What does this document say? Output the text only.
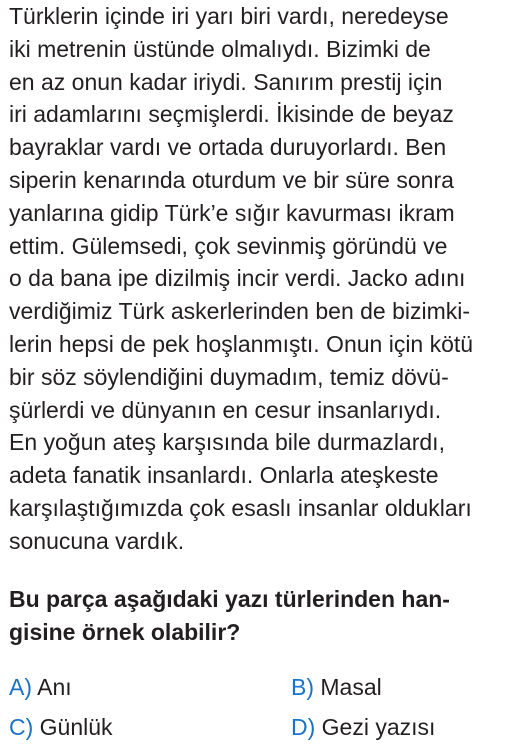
Türklerin içinde iri yarı biri vardı, neredeyse
iki metrenin üstünde olmalıydı. Bizimki de
en az onun kadar iriydi. Sanırım prestij için
iri adamlarını seçmişlerdi. İkisinde de beyaz
bayraklar vardı ve ortada duruyorlardı. Ben
siperin kenarında oturdum ve bir süre sonra
yanlarına gidip Türk’e sığır kavurması ikram
ettim. Gülemsedi, çok sevinmiş göründü ve
o da bana ipe dizilmiş incir verdi. Jacko adını
verdiğimiz Türk askerlerinden ben de bizimki-
lerin hepsi de pek hoşlanmıştı. Onun için kötü
bir söz söylendiğini duymadım, temiz dövü-
şürlerdi ve dünyanın en cesur insanlarıydı.
En yoğun ateş karşısında bile durmazlardı,
adeta fanatik insanlardı. Onlarla ateşkeste
karşılaştığımızda çok esaslı insanlar oldukları
sonucuna vardık.
Bu parça aşağıdaki yazı türlerinden han-
gisine örnek olabilir?
A) Anı	B) Masal
C) Günlük	D) Gezi yazısı
